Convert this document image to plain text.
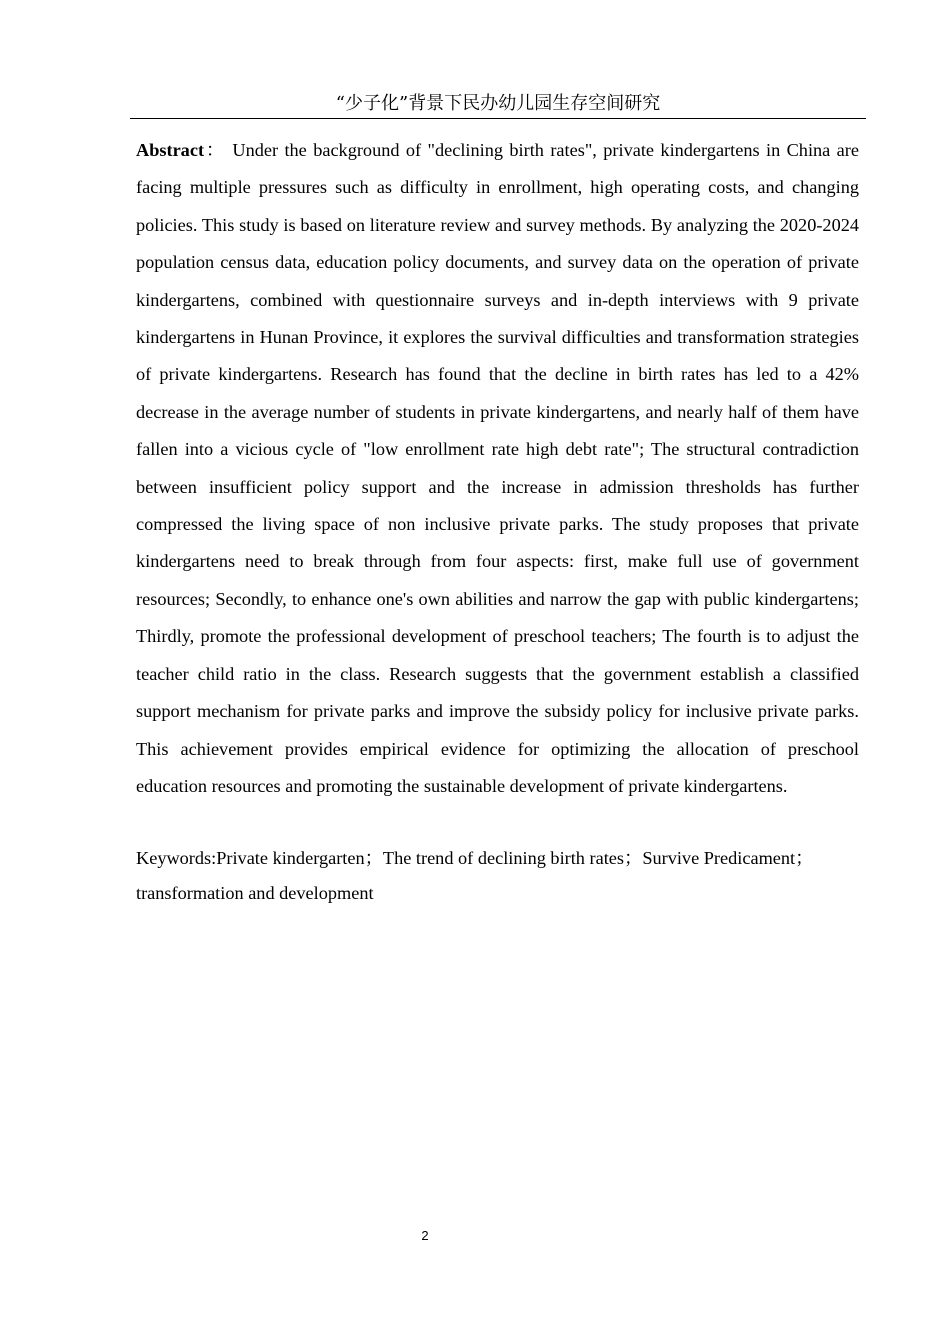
“少子化”背景下民办幼儿园生存空间研究

Abstract： Under the background of "declining birth rates", private kindergartens in China are facing multiple pressures such as difficulty in enrollment, high operating costs, and changing policies. This study is based on literature review and survey methods. By analyzing the 2020-2024 population census data, education policy documents, and survey data on the operation of private kindergartens, combined with questionnaire surveys and in-depth interviews with 9 private kindergartens in Hunan Province, it explores the survival difficulties and transformation strategies of private kindergartens. Research has found that the decline in birth rates has led to a 42% decrease in the average number of students in private kindergartens, and nearly half of them have fallen into a vicious cycle of "low enrollment rate high debt rate"; The structural contradiction between insufficient policy support and the increase in admission thresholds has further compressed the living space of non inclusive private parks. The study proposes that private kindergartens need to break through from four aspects: first, make full use of government resources; Secondly, to enhance one's own abilities and narrow the gap with public kindergartens; Thirdly, promote the professional development of preschool teachers; The fourth is to adjust the teacher child ratio in the class. Research suggests that the government establish a classified support mechanism for private parks and improve the subsidy policy for inclusive private parks. This achievement provides empirical evidence for optimizing the allocation of preschool education resources and promoting the sustainable development of private kindergartens.

Keywords:Private kindergarten；The trend of declining birth rates；Survive Predicament；transformation and development

2
